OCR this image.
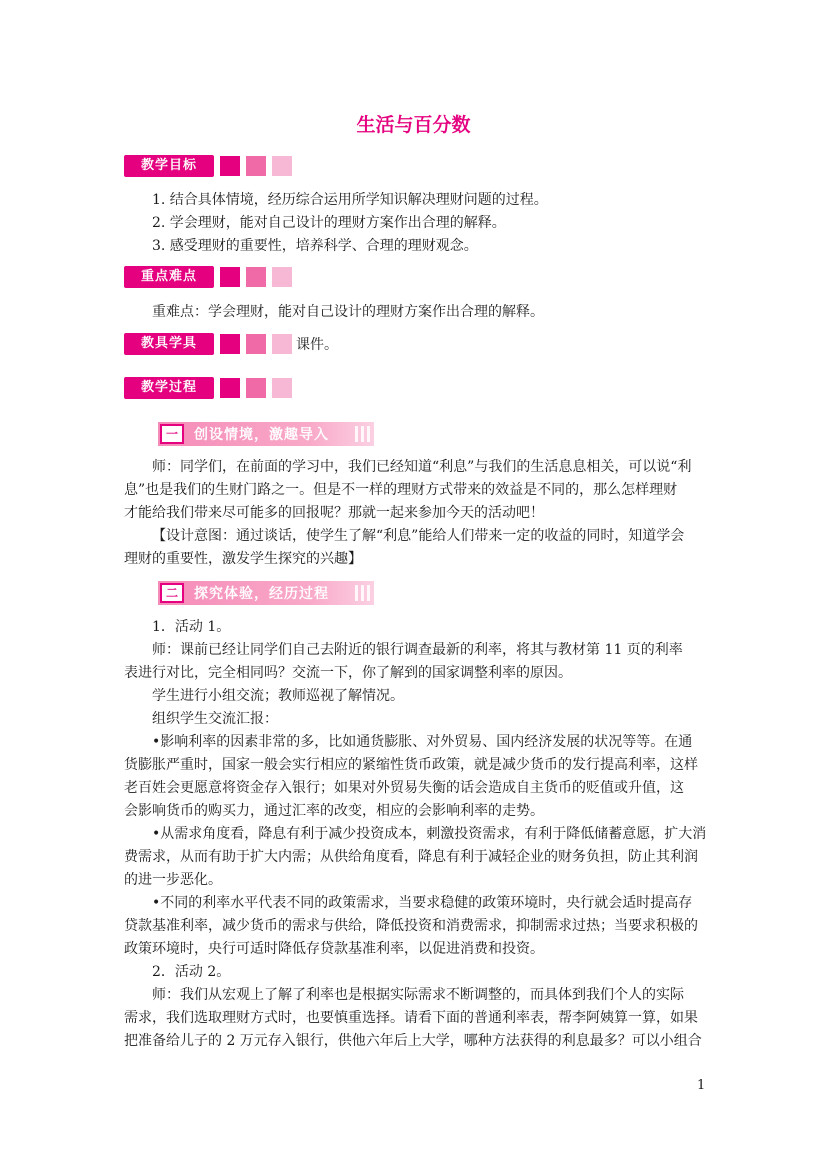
生活与百分数
教学目标
1. 结合具体情境，经历综合运用所学知识解决理财问题的过程。
2. 学会理财，能对自己设计的理财方案作出合理的解释。
3. 感受理财的重要性，培养科学、合理的理财观念。
重点难点
重难点：学会理财，能对自己设计的理财方案作出合理的解释。
教具学具	课件。
教学过程
一	创设情境，激趣导入
师：同学们，在前面的学习中，我们已经知道“利息”与我们的生活息息相关，可以说“利
息”也是我们的生财门路之一。但是不一样的理财方式带来的效益是不同的，那么怎样理财
才能给我们带来尽可能多的回报呢？那就一起来参加今天的活动吧！
【设计意图：通过谈话，使学生了解“利息”能给人们带来一定的收益的同时，知道学会
理财的重要性，激发学生探究的兴趣】
二	探究体验，经历过程
1．活动 1。
师：课前已经让同学们自己去附近的银行调查最新的利率，将其与教材第 11 页的利率
表进行对比，完全相同吗？交流一下，你了解到的国家调整利率的原因。
学生进行小组交流；教师巡视了解情况。
组织学生交流汇报：
•影响利率的因素非常的多，比如通货膨胀、对外贸易、国内经济发展的状况等等。在通
货膨胀严重时，国家一般会实行相应的紧缩性货币政策，就是减少货币的发行提高利率，这样
老百姓会更愿意将资金存入银行；如果对外贸易失衡的话会造成自主货币的贬值或升值，这
会影响货币的购买力，通过汇率的改变，相应的会影响利率的走势。
•从需求角度看，降息有利于减少投资成本，刺激投资需求，有利于降低储蓄意愿，扩大消
费需求，从而有助于扩大内需；从供给角度看，降息有利于减轻企业的财务负担，防止其利润
的进一步恶化。
•不同的利率水平代表不同的政策需求，当要求稳健的政策环境时，央行就会适时提高存
贷款基准利率，减少货币的需求与供给，降低投资和消费需求，抑制需求过热；当要求积极的
政策环境时，央行可适时降低存贷款基准利率，以促进消费和投资。
2．活动 2。
师：我们从宏观上了解了利率也是根据实际需求不断调整的，而具体到我们个人的实际
需求，我们选取理财方式时，也要慎重选择。请看下面的普通利率表，帮李阿姨算一算，如果
把准备给儿子的 2 万元存入银行，供他六年后上大学，哪种方法获得的利息最多？可以小组合
1
